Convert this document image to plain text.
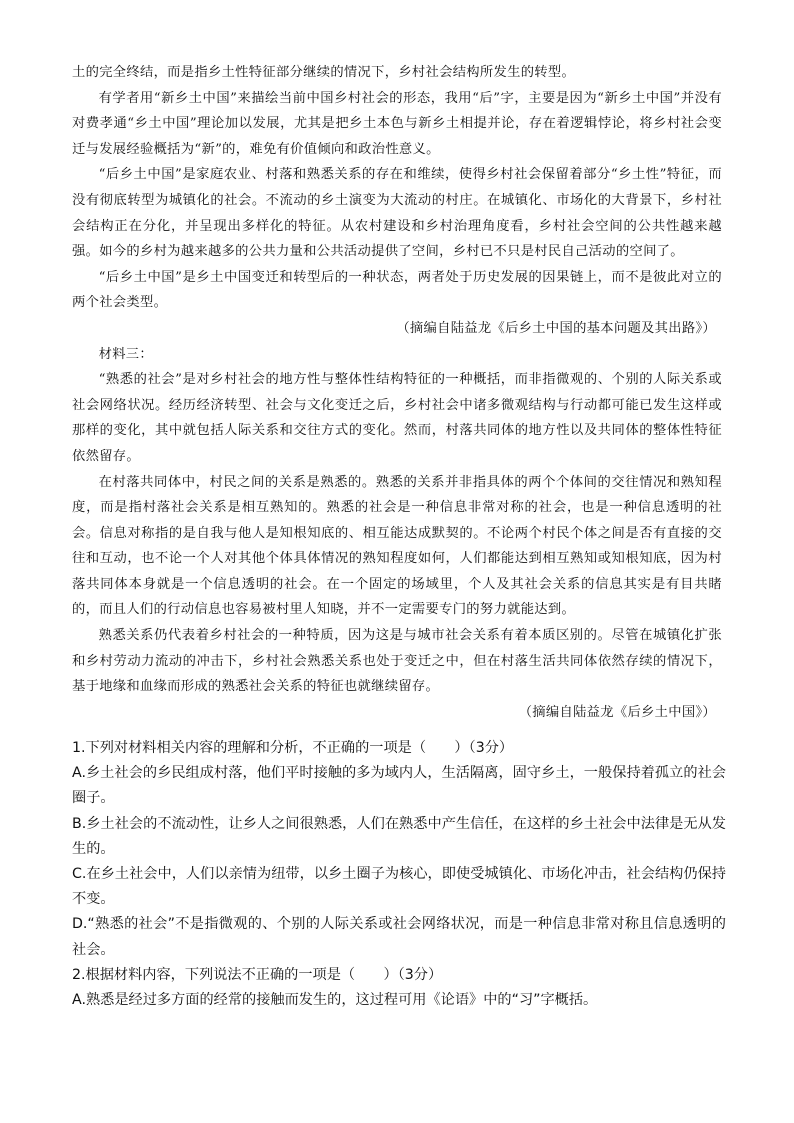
土的完全终结，而是指乡土性特征部分继续的情况下，乡村社会结构所发生的转型。

有学者用“新乡土中国”来描绘当前中国乡村社会的形态，我用“后”字，主要是因为“新乡土中国”并没有对费孝通“乡土中国”理论加以发展，尤其是把乡土本色与新乡土相提并论，存在着逻辑悖论，将乡村社会变迁与发展经验概括为“新”的，难免有价值倾向和政治性意义。

“后乡土中国”是家庭农业、村落和熟悉关系的存在和维续，使得乡村社会保留着部分“乡土性”特征，而没有彻底转型为城镇化的社会。不流动的乡土演变为大流动的村庄。在城镇化、市场化的大背景下，乡村社会结构正在分化，并呈现出多样化的特征。从农村建设和乡村治理角度看，乡村社会空间的公共性越来越强。如今的乡村为越来越多的公共力量和公共活动提供了空间，乡村已不只是村民自己活动的空间了。

“后乡土中国”是乡土中国变迁和转型后的一种状态，两者处于历史发展的因果链上，而不是彼此对立的两个社会类型。

（摘编自陆益龙《后乡土中国的基本问题及其出路》）

材料三：

“熟悉的社会”是对乡村社会的地方性与整体性结构特征的一种概括，而非指微观的、个别的人际关系或社会网络状况。经历经济转型、社会与文化变迁之后，乡村社会中诸多微观结构与行动都可能已发生这样或那样的变化，其中就包括人际关系和交往方式的变化。然而，村落共同体的地方性以及共同体的整体性特征依然留存。

在村落共同体中，村民之间的关系是熟悉的。熟悉的关系并非指具体的两个个体间的交往情况和熟知程度，而是指村落社会关系是相互熟知的。熟悉的社会是一种信息非常对称的社会，也是一种信息透明的社会。信息对称指的是自我与他人是知根知底的、相互能达成默契的。不论两个村民个体之间是否有直接的交往和互动，也不论一个人对其他个体具体情况的熟知程度如何，人们都能达到相互熟知或知根知底，因为村落共同体本身就是一个信息透明的社会。在一个固定的场域里，个人及其社会关系的信息其实是有目共睹的，而且人们的行动信息也容易被村里人知晓，并不一定需要专门的努力就能达到。

熟悉关系仍代表着乡村社会的一种特质，因为这是与城市社会关系有着本质区别的。尽管在城镇化扩张和乡村劳动力流动的冲击下，乡村社会熟悉关系也处于变迁之中，但在村落生活共同体依然存续的情况下，基于地缘和血缘而形成的熟悉社会关系的特征也就继续留存。

（摘编自陆益龙《后乡土中国》）

1.下列对材料相关内容的理解和分析，不正确的一项是（　　）（3分）

A.乡土社会的乡民组成村落，他们平时接触的多为域内人，生活隔离，固守乡土，一般保持着孤立的社会圈子。

B.乡土社会的不流动性，让乡人之间很熟悉，人们在熟悉中产生信任，在这样的乡土社会中法律是无从发生的。

C.在乡土社会中，人们以亲情为纽带，以乡土圈子为核心，即使受城镇化、市场化冲击，社会结构仍保持不变。

D.“熟悉的社会”不是指微观的、个别的人际关系或社会网络状况，而是一种信息非常对称且信息透明的社会。

2.根据材料内容，下列说法不正确的一项是（　　）（3分）

A.熟悉是经过多方面的经常的接触而发生的，这过程可用《论语》中的“习”字概括。
